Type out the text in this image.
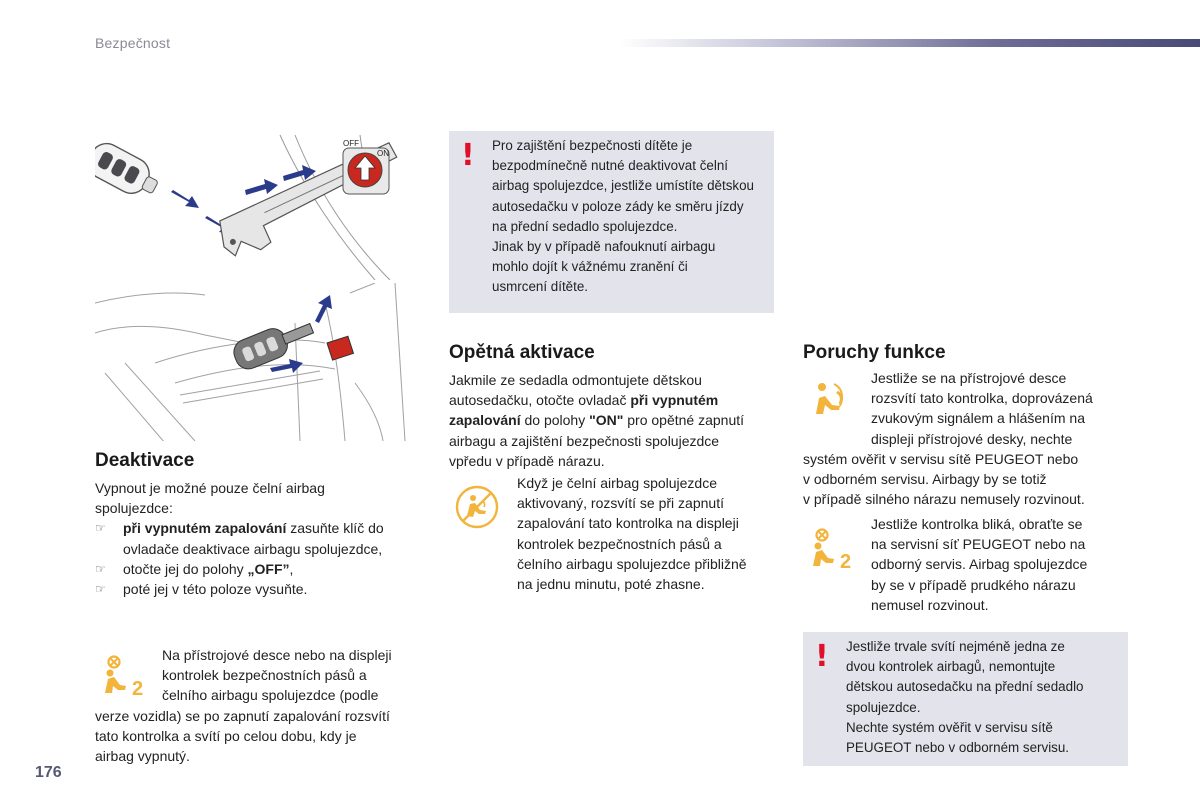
Bezpečnost
OFF
ON
Deaktivace
Vypnout je možné pouze čelní airbag spolujezdce:
☞ při vypnutém zapalování zasuňte klíč do
ovladače deaktivace airbagu spolujezdce,
☞ otočte jej do polohy „OFF”,
☞ poté jej v této poloze vysuňte.
2
Na přístrojové desce nebo na displeji
kontrolek bezpečnostních pásů a
čelního airbagu spolujezdce (podle
verze vozidla) se po zapnutí zapalování rozsvítí
tato kontrolka a svítí po celou dobu, kdy je
airbag vypnutý.
! Pro zajištění bezpečnosti dítěte je
bezpodmínečně nutné deaktivovat čelní
airbag spolujezdce, jestliže umístíte dětskou
autosedačku v poloze zády ke směru jízdy
na přední sedadlo spolujezdce.
Jinak by v případě nafouknutí airbagu
mohlo dojít k vážnému zranění či
usmrcení dítěte.
Opětná aktivace
Jakmile ze sedadla odmontujete dětskou
autosedačku, otočte ovladač při vypnutém
zapalování do polohy "ON" pro opětné zapnutí
airbagu a zajištění bezpečnosti spolujezdce
vpředu v případě nárazu.
Když je čelní airbag spolujezdce
aktivovaný, rozsvítí se při zapnutí
zapalování tato kontrolka na displeji
kontrolek bezpečnostních pásů a
čelního airbagu spolujezdce přibližně
na jednu minutu, poté zhasne.
Poruchy funkce
Jestliže se na přístrojové desce
rozsvítí tato kontrolka, doprovázená
zvukovým signálem a hlášením na
displeji přístrojové desky, nechte
systém ověřit v servisu sítě PEUGEOT nebo
v odborném servisu. Airbagy by se totiž
v případě silného nárazu nemusely rozvinout.
2
Jestliže kontrolka bliká, obraťte se
na servisní síť PEUGEOT nebo na
odborný servis. Airbag spolujezdce
by se v případě prudkého nárazu
nemusel rozvinout.
! Jestliže trvale svítí nejméně jedna ze
dvou kontrolek airbagů, nemontujte
dětskou autosedačku na přední sedadlo
spolujezdce.
Nechte systém ověřit v servisu sítě
PEUGEOT nebo v odborném servisu.
176
